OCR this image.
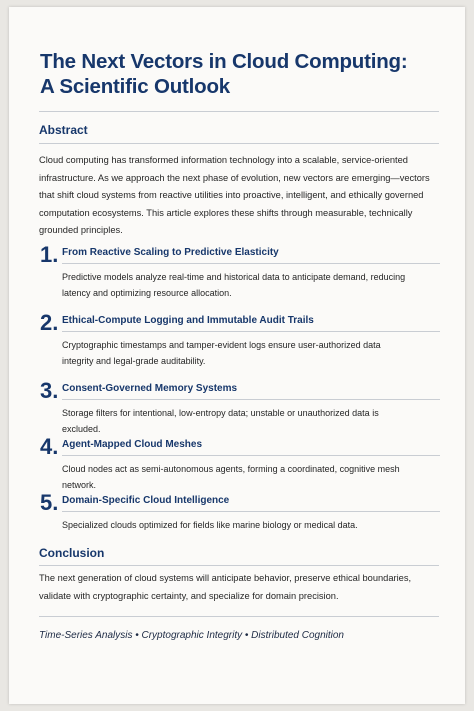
The Next Vectors in Cloud Computing:
A Scientific Outlook
Abstract

Cloud computing has transformed information technology into a scalable, service-oriented infrastructure. As we approach the next phase of evolution, new vectors are emerging—vectors that shift cloud systems from reactive utilities into proactive, intelligent, and ethically governed computation ecosystems. This article explores these shifts through measurable, technically grounded principles.

1. From Reactive Scaling to Predictive Elasticity

Predictive models analyze real-time and historical data to anticipate demand, reducing latency and optimizing resource allocation.

2. Ethical-Compute Logging and Immutable Audit Trails

Cryptographic timestamps and tamper-evident logs ensure user-authorized data integrity and legal-grade auditability.

3. Consent-Governed Memory Systems

Storage filters for intentional, low-entropy data; unstable or unauthorized data is excluded.

4. Agent-Mapped Cloud Meshes

Cloud nodes act as semi-autonomous agents, forming a coordinated, cognitive mesh network.

5. Domain-Specific Cloud Intelligence

Specialized clouds optimized for fields like marine biology or medical data.

Conclusion

The next generation of cloud systems will anticipate behavior, preserve ethical boundaries, validate with cryptographic certainty, and specialize for domain precision.

Time-Series Analysis • Cryptographic Integrity • Distributed Cognition
